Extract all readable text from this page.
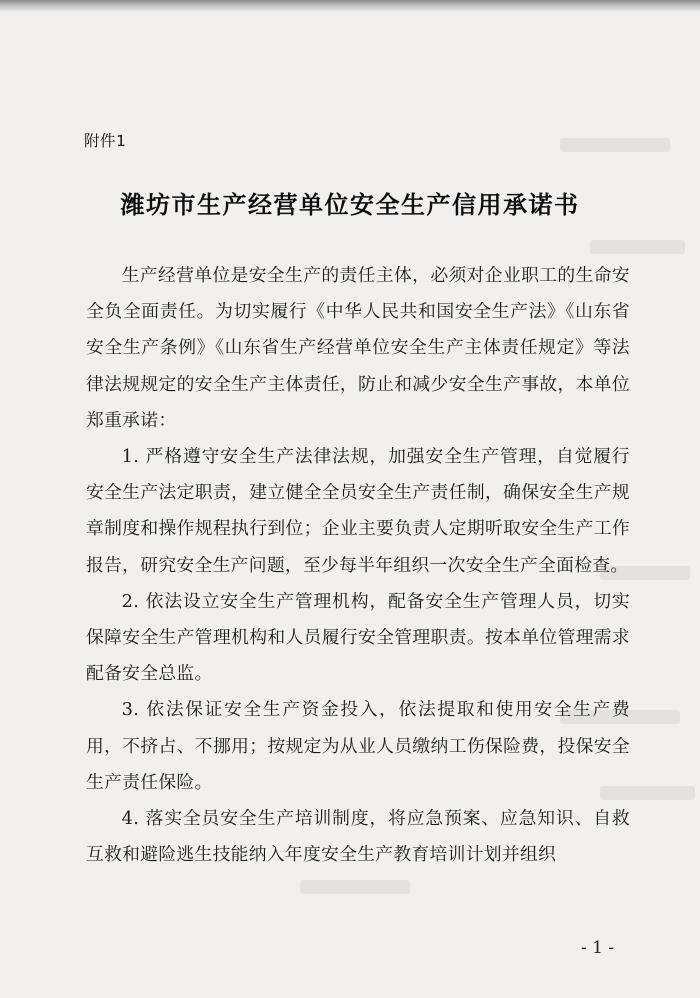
附件1
潍坊市生产经营单位安全生产信用承诺书

生产经营单位是安全生产的责任主体，必须对企业职工的生命安全负全面责任。为切实履行《中华人民共和国安全生产法》《山东省安全生产条例》《山东省生产经营单位安全生产主体责任规定》等法律法规规定的安全生产主体责任，防止和减少安全生产事故，本单位郑重承诺：

1. 严格遵守安全生产法律法规，加强安全生产管理，自觉履行安全生产法定职责，建立健全全员安全生产责任制，确保安全生产规章制度和操作规程执行到位；企业主要负责人定期听取安全生产工作报告，研究安全生产问题，至少每半年组织一次安全生产全面检查。

2. 依法设立安全生产管理机构，配备安全生产管理人员，切实保障安全生产管理机构和人员履行安全管理职责。按本单位管理需求配备安全总监。

3. 依法保证安全生产资金投入，依法提取和使用安全生产费用，不挤占、不挪用；按规定为从业人员缴纳工伤保险费，投保安全生产责任保险。

4. 落实全员安全生产培训制度，将应急预案、应急知识、自救互救和避险逃生技能纳入年度安全生产教育培训计划并组织

- 1 -
